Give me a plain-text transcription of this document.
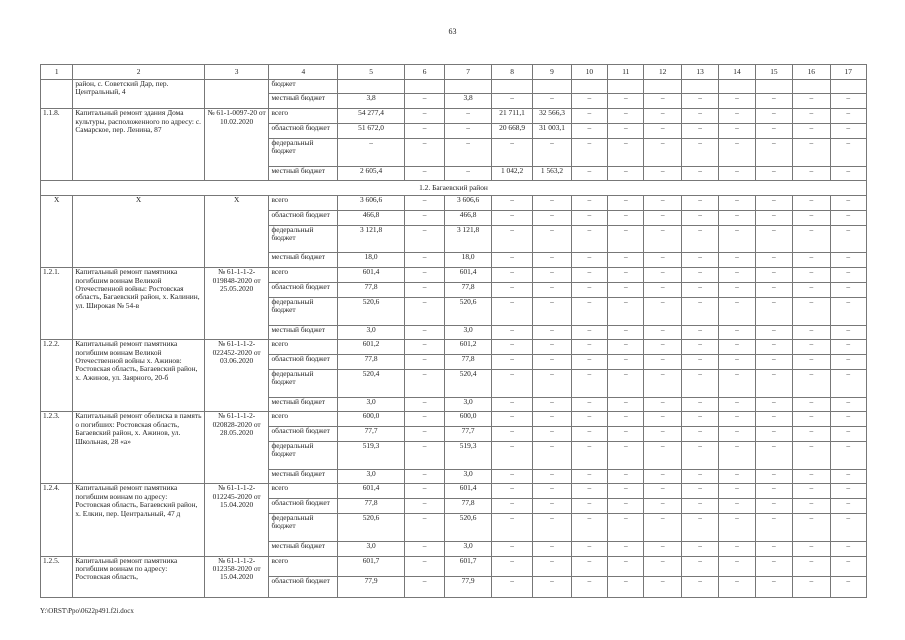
63
1	2	3	4	5	6	7	8	9	10	11	12	13	14	15	16	17
	район, с. Советский Дар, пер. Центральный, 4		бюджет													
			местный бюджет	3,8	–	3,8	–	–	–	–	–	–	–	–	–	–
1.1.8.	Капитальный ремонт здания Дома культуры, расположенного по адресу: с. Самарское, пер. Ленина, 87	№ 61-1-0097-20 от 10.02.2020	всего	54 277,4	–	–	21 711,1	32 566,3	–	–	–	–	–	–	–	–
			областной бюджет	51 672,0	–	–	20 668,9	31 003,1	–	–	–	–	–	–	–	–
			федеральный бюджет	–	–	–	–	–	–	–	–	–	–	–	–	–
			местный бюджет	2 605,4	–	–	1 042,2	1 563,2	–	–	–	–	–	–	–	–
1.2. Багаевский район																
Х	Х	Х	всего	3 606,6	–	3 606,6	–	–	–	–	–	–	–	–	–	–
			областной бюджет	466,8	–	466,8	–	–	–	–	–	–	–	–	–	–
			федеральный бюджет	3 121,8	–	3 121,8	–	–	–	–	–	–	–	–	–	–
			местный бюджет	18,0	–	18,0	–	–	–	–	–	–	–	–	–	–
1.2.1.	Капитальный ремонт памятника погибшим воинам Великой Отечественной войны: Ростовская область, Багаевский район, х. Калинин, ул. Широкая № 54-в	№ 61-1-1-2-019848-2020 от 25.05.2020	всего	601,4	–	601,4	–	–	–	–	–	–	–	–	–	–
			областной бюджет	77,8	–	77,8	–	–	–	–	–	–	–	–	–	–
			федеральный бюджет	520,6	–	520,6	–	–	–	–	–	–	–	–	–	–
			местный бюджет	3,0	–	3,0	–	–	–	–	–	–	–	–	–	–
1.2.2.	Капитальный ремонт памятника погибшим воинам Великой Отечественной войны х. Ажинов: Ростовская область, Багаевский район, х. Ажинов, ул. Заярного, 20-б	№ 61-1-1-2-022452-2020 от 03.06.2020	всего	601,2	–	601,2	–	–	–	–	–	–	–	–	–	–
			областной бюджет	77,8	–	77,8	–	–	–	–	–	–	–	–	–	–
			федеральный бюджет	520,4	–	520,4	–	–	–	–	–	–	–	–	–	–
			местный бюджет	3,0	–	3,0	–	–	–	–	–	–	–	–	–	–
1.2.3.	Капитальный ремонт обелиска в память о погибших: Ростовская область, Багаевский район, х. Ажинов, ул. Школьная, 28 «а»	№ 61-1-1-2-020828-2020 от 28.05.2020	всего	600,0	–	600,0	–	–	–	–	–	–	–	–	–	–
			областной бюджет	77,7	–	77,7	–	–	–	–	–	–	–	–	–	–
			федеральный бюджет	519,3	–	519,3	–	–	–	–	–	–	–	–	–	–
			местный бюджет	3,0	–	3,0	–	–	–	–	–	–	–	–	–	–
1.2.4.	Капитальный ремонт памятника погибшим воинам по адресу: Ростовская область, Багаевский район, х. Елкин, пер. Центральный, 47 д	№ 61-1-1-2-012245-2020 от 15.04.2020	всего	601,4	–	601,4	–	–	–	–	–	–	–	–	–	–
			областной бюджет	77,8	–	77,8	–	–	–	–	–	–	–	–	–	–
			федеральный бюджет	520,6	–	520,6	–	–	–	–	–	–	–	–	–	–
			местный бюджет	3,0	–	3,0	–	–	–	–	–	–	–	–	–	–
1.2.5.	Капитальный ремонт памятника погибшим воинам по адресу: Ростовская область,	№ 61-1-1-2-012358-2020 от 15.04.2020	всего	601,7	–	601,7	–	–	–	–	–	–	–	–	–	–
			областной бюджет	77,9	–	77,9	–	–	–	–	–	–	–	–	–	–
Y:\ORST\Ppo\0622p491.f2i.docx
